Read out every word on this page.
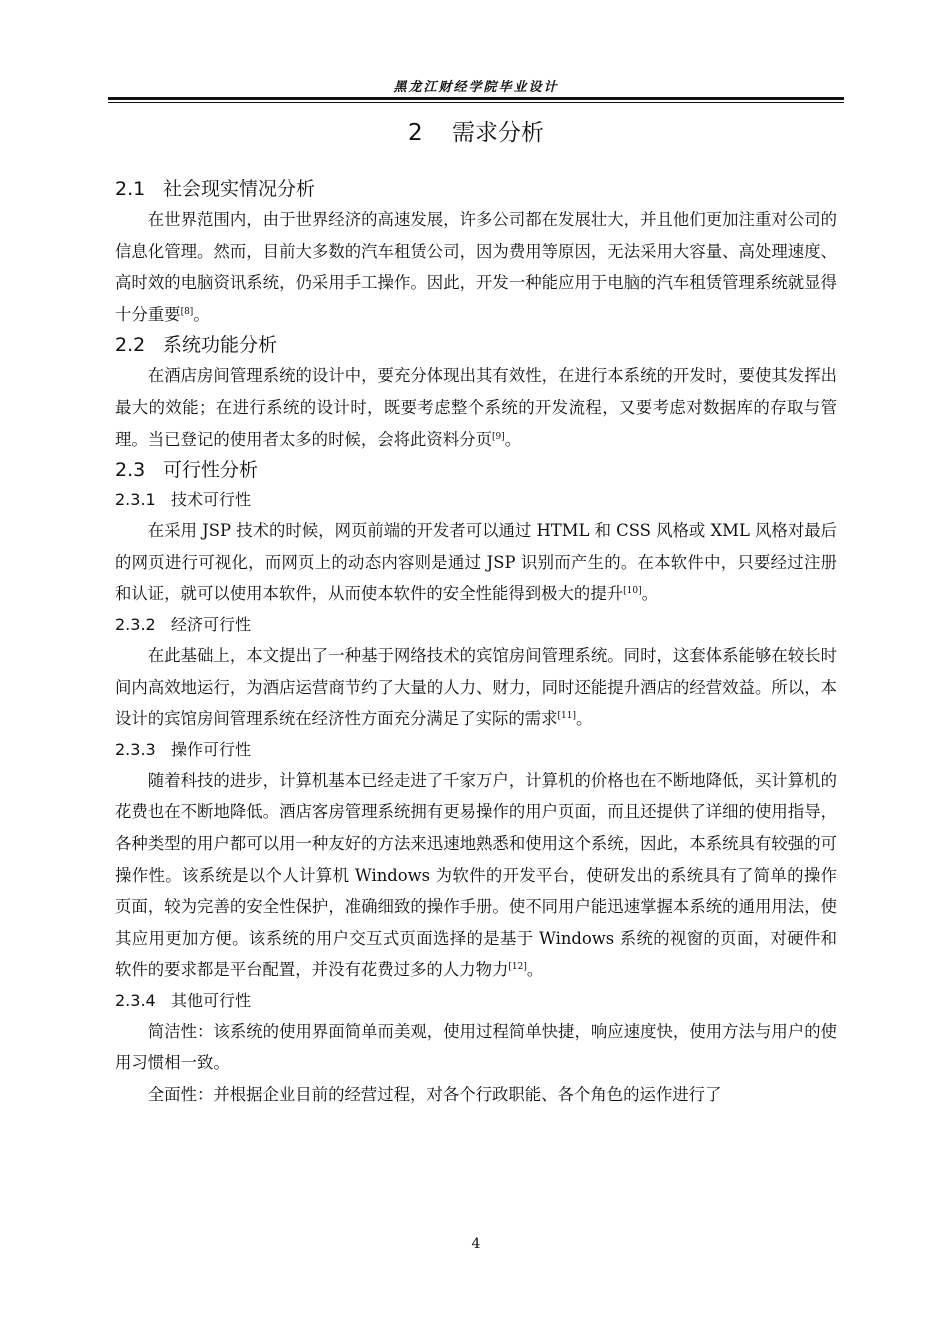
黑龙江财经学院毕业设计
2 需求分析
2.1 社会现实情况分析

在世界范围内，由于世界经济的高速发展，许多公司都在发展壮大，并且他们更加注重对公司的信息化管理。然而，目前大多数的汽车租赁公司，因为费用等原因，无法采用大容量、高处理速度、高时效的电脑资讯系统，仍采用手工操作。因此，开发一种能应用于电脑的汽车租赁管理系统就显得十分重要[8]。

2.2 系统功能分析

在酒店房间管理系统的设计中，要充分体现出其有效性，在进行本系统的开发时，要使其发挥出最大的效能；在进行系统的设计时，既要考虑整个系统的开发流程，又要考虑对数据库的存取与管理。当已登记的使用者太多的时候，会将此资料分页[9]。

2.3 可行性分析
2.3.1 技术可行性

在采用 JSP 技术的时候，网页前端的开发者可以通过 HTML 和 CSS 风格或 XML 风格对最后的网页进行可视化，而网页上的动态内容则是通过 JSP 识别而产生的。在本软件中，只要经过注册和认证，就可以使用本软件，从而使本软件的安全性能得到极大的提升[10]。

2.3.2 经济可行性

在此基础上，本文提出了一种基于网络技术的宾馆房间管理系统。同时，这套体系能够在较长时间内高效地运行，为酒店运营商节约了大量的人力、财力，同时还能提升酒店的经营效益。所以，本设计的宾馆房间管理系统在经济性方面充分满足了实际的需求[11]。

2.3.3 操作可行性

随着科技的进步，计算机基本已经走进了千家万户，计算机的价格也在不断地降低，买计算机的花费也在不断地降低。酒店客房管理系统拥有更易操作的用户页面，而且还提供了详细的使用指导，各种类型的用户都可以用一种友好的方法来迅速地熟悉和使用这个系统，因此，本系统具有较强的可操作性。该系统是以个人计算机 Windows 为软件的开发平台，使研发出的系统具有了简单的操作页面，较为完善的安全性保护，准确细致的操作手册。使不同用户能迅速掌握本系统的通用用法，使其应用更加方便。该系统的用户交互式页面选择的是基于 Windows 系统的视窗的页面，对硬件和软件的要求都是平台配置，并没有花费过多的人力物力[12]。

2.3.4 其他可行性

简洁性：该系统的使用界面简单而美观，使用过程简单快捷，响应速度快，使用方法与用户的使用习惯相一致。

全面性：并根据企业目前的经营过程，对各个行政职能、各个角色的运作进行了

4
